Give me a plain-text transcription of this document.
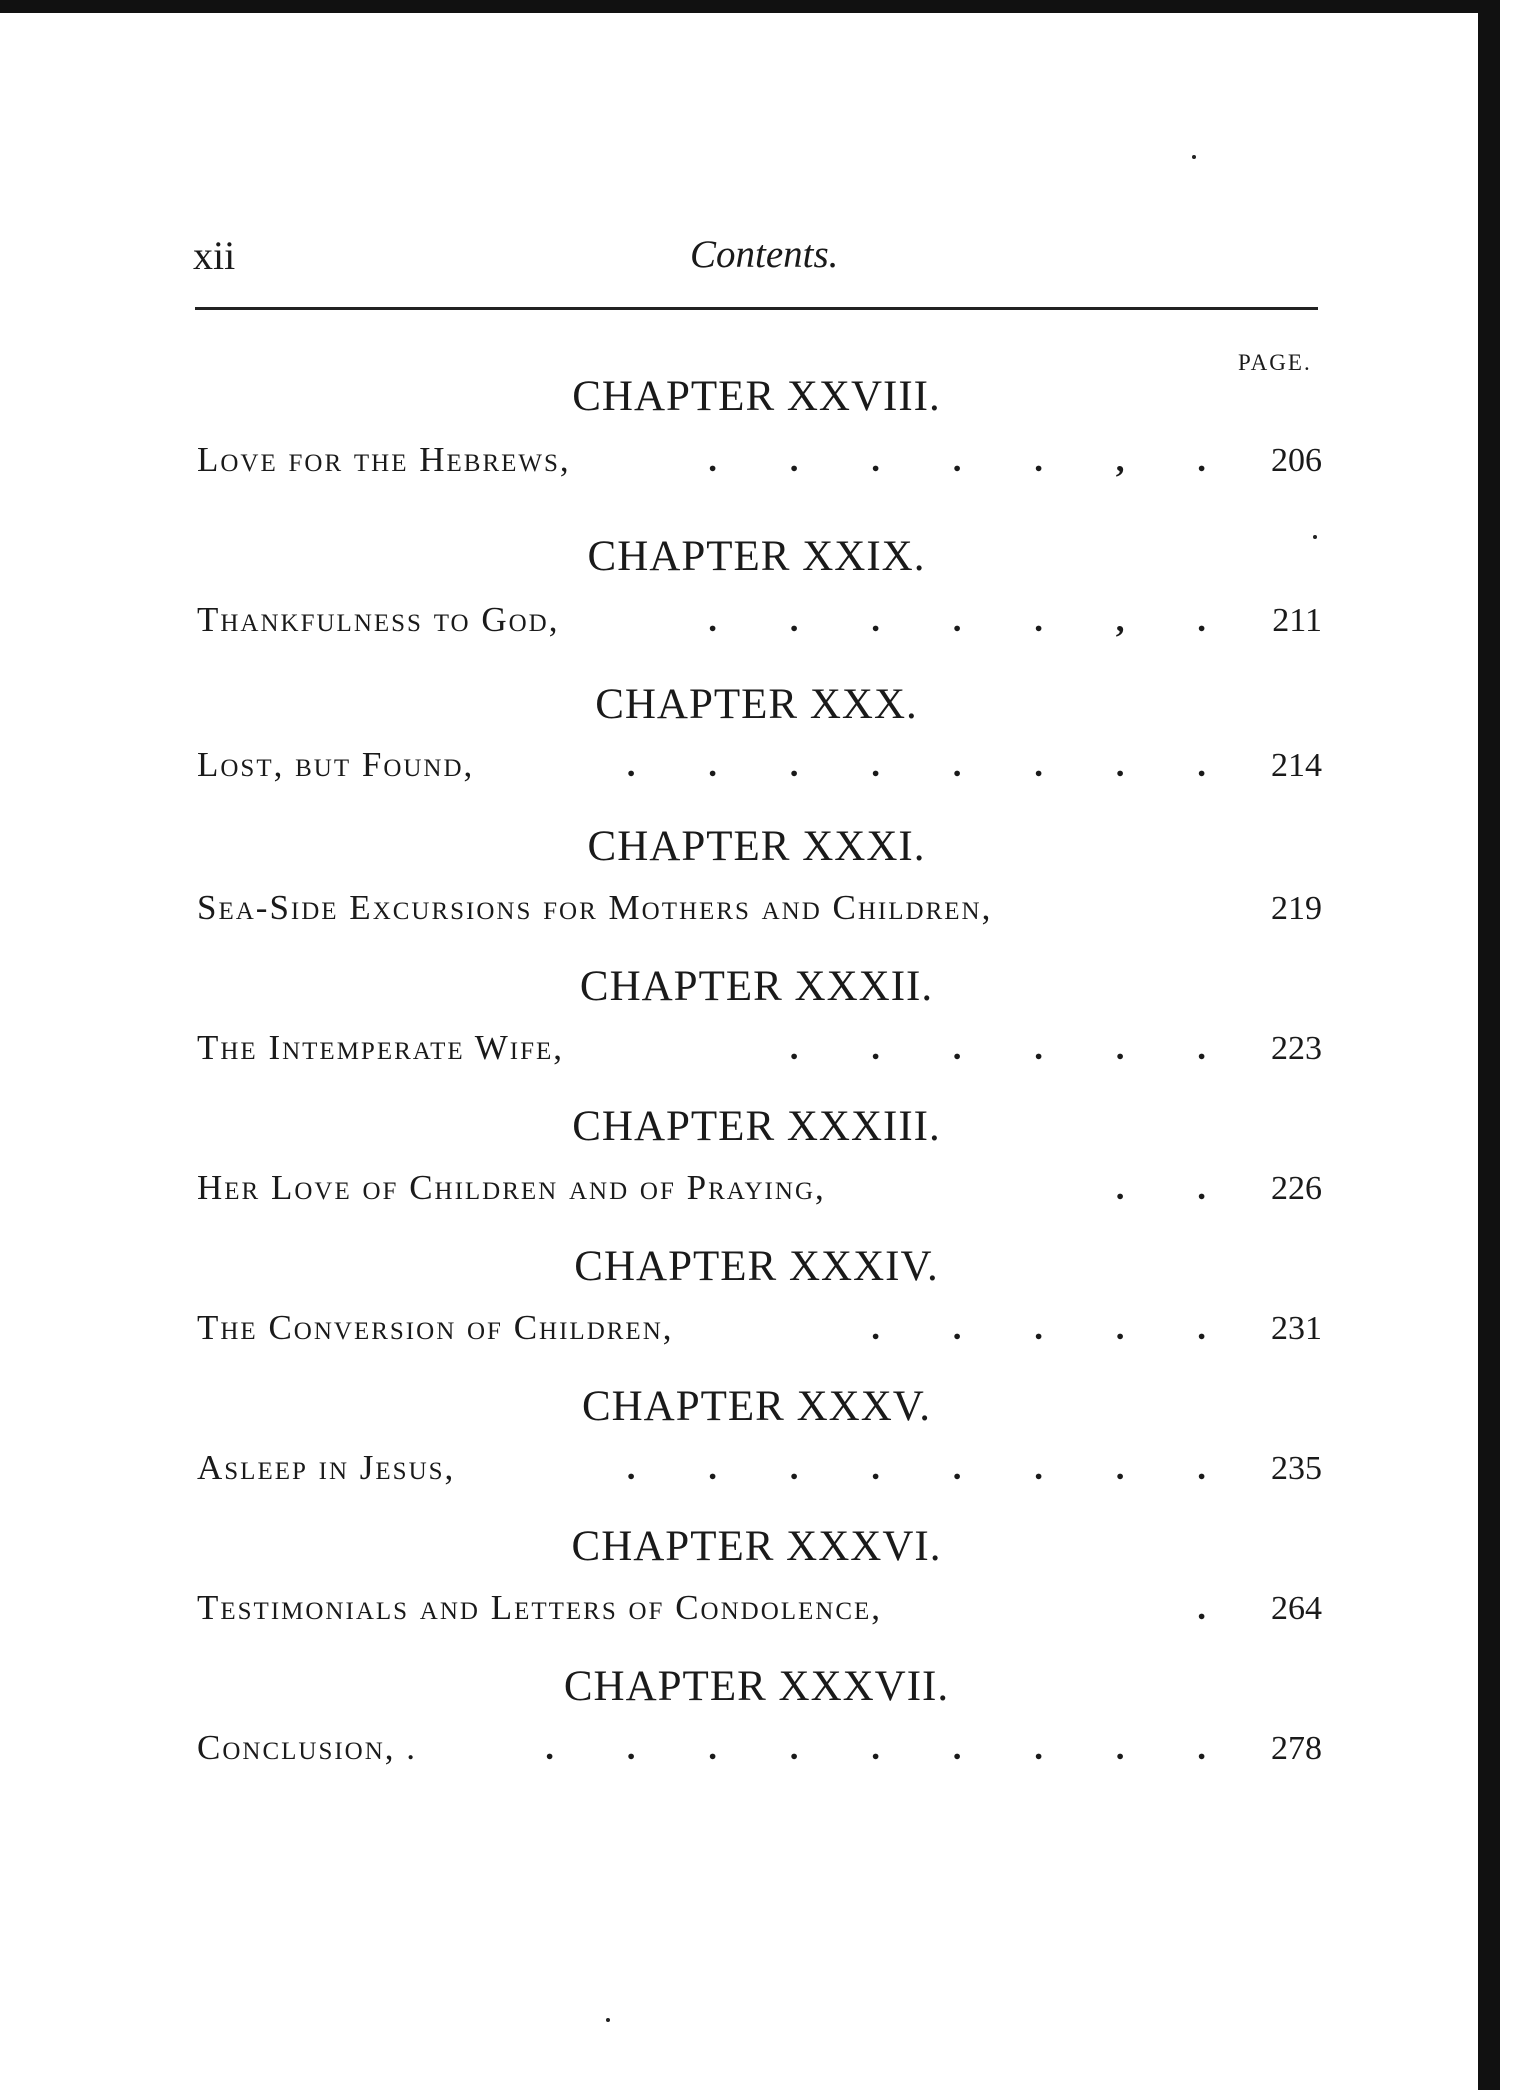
xii	Contents.
PAGE.
CHAPTER XXVIII.
Love for the Hebrews,	. . . . . , . 206
CHAPTER XXIX.
Thankfulness to God,	. . . . . , .	211
CHAPTER XXX.
Lost, but Found,	. . . . . . . . 214
CHAPTER XXXI.
Sea-Side Excursions for Mothers and Children,	219
CHAPTER XXXII.
The Intemperate Wife,	. . . . . . 223
CHAPTER XXXIII.
Her Love of Children and of Praying,	. . 226
CHAPTER XXXIV.
The Conversion of Children,	. . . . . 231
CHAPTER XXXV.
Asleep in Jesus,	. . . . . . . . 235
CHAPTER XXXVI.
Testimonials and Letters of Condolence,	. 264
CHAPTER XXXVII.
Conclusion, .	. . . . . . . . . 278
